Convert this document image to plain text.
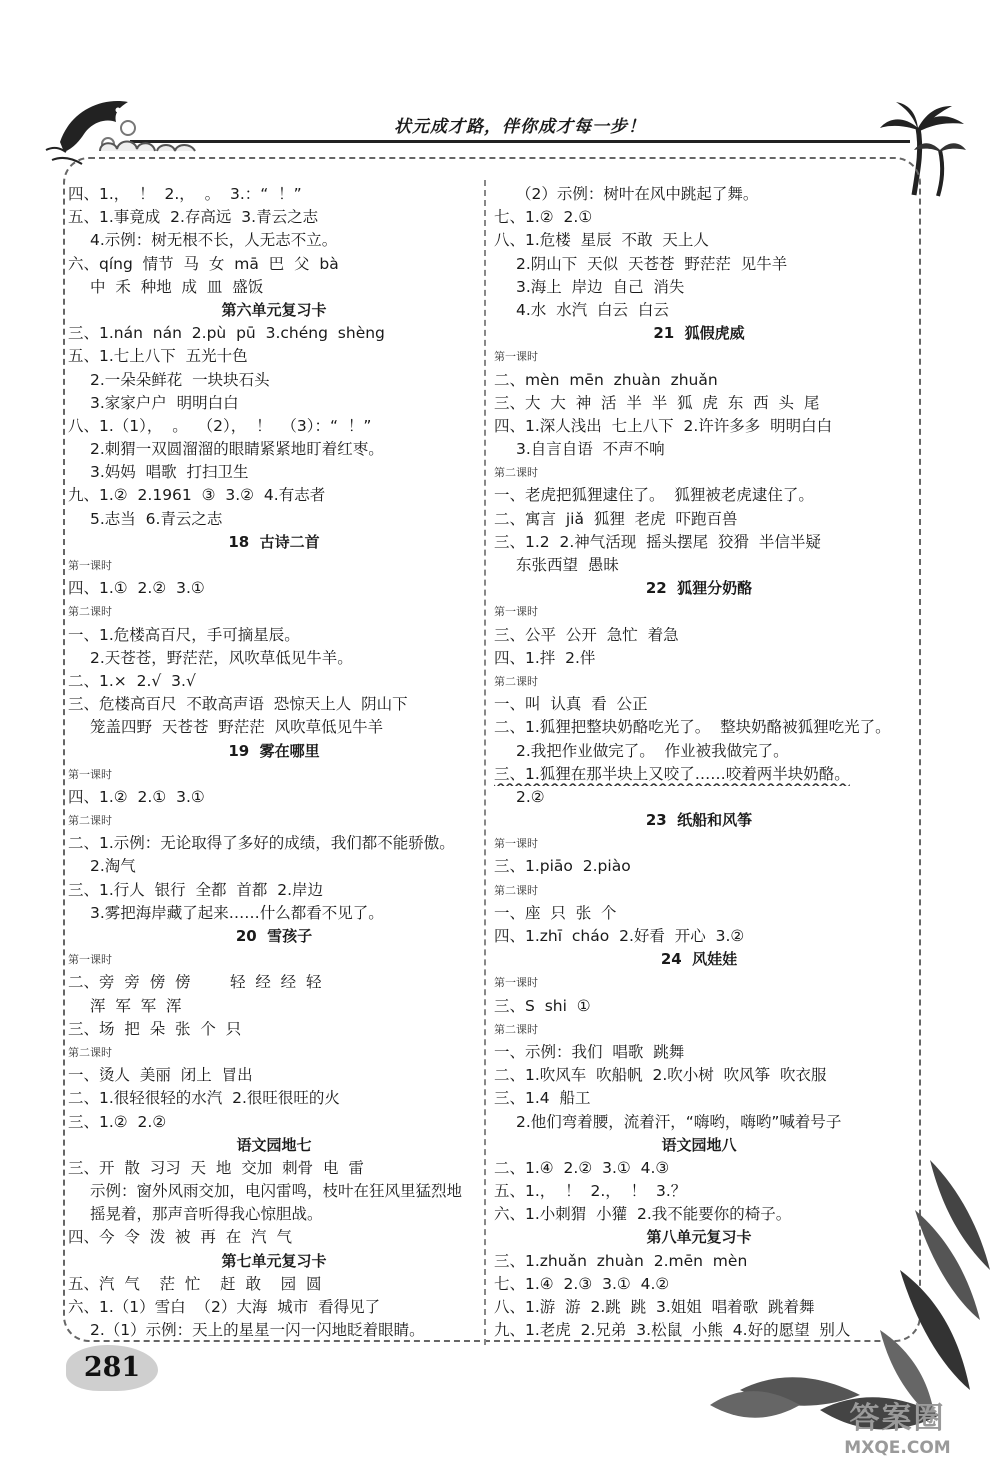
状元成才路，伴你成才每一步！
四、1.，  ！  2.，  。  3.：“  ！”
五、1.事竟成  2.存高远  3.青云之志
4.示例：树无根不长，人无志不立。
六、qíng  情节  马  女  mā  巴  父  bà
中  禾  种地  成  皿  盛饭
第六单元复习卡
三、1.nán  nán  2.pù  pū  3.chéng  shèng
五、1.七上八下  五光十色
2.一朵朵鲜花  一块块石头
3.家家户户  明明白白
八、1.（1），  。  （2），  ！  （3）：“  ！”
2.刺猬一双圆溜溜的眼睛紧紧地盯着红枣。
3.妈妈  唱歌  打扫卫生
九、1.②  2.1961  ③  3.②  4.有志者
5.志当  6.青云之志
18  古诗二首
第一课时
四、1.①  2.②  3.①
第二课时
一、1.危楼高百尺，手可摘星辰。
2.天苍苍，野茫茫，风吹草低见牛羊。
二、1.×  2.√  3.√
三、危楼高百尺  不敢高声语  恐惊天上人  阴山下
笼盖四野  天苍苍  野茫茫  风吹草低见牛羊
19  雾在哪里
第一课时
四、1.②  2.①  3.①
第二课时
二、1.示例：无论取得了多好的成绩，我们都不能骄傲。
2.淘气
三、1.行人  银行  全都  首都  2.岸边
3.雾把海岸藏了起来……什么都看不见了。
20  雪孩子
第一课时
二、旁  旁  傍  傍        轻  经  经  轻
浑  军  军  浑
三、场  把  朵  张  个  只
第二课时
一、烫人  美丽  闭上  冒出
二、1.很轻很轻的水汽  2.很旺很旺的火
三、1.②  2.②
语文园地七
三、开  散  习习  天  地  交加  刺骨  电  雷
示例：窗外风雨交加，电闪雷鸣，枝叶在狂风里猛烈地
摇晃着，那声音听得我心惊胆战。
四、今  令  泼  被  再  在  汽  气
第七单元复习卡
五、汽  气    茫  忙    赶  敢    园  圆
六、1.（1）雪白  （2）大海  城市  看得见了
2.（1）示例：天上的星星一闪一闪地眨着眼睛。
（2）示例：树叶在风中跳起了舞。
七、1.②  2.①
八、1.危楼  星辰  不敢  天上人
2.阴山下  天似  天苍苍  野茫茫  见牛羊
3.海上  岸边  自己  消失
4.水  水汽  白云  白云
21  狐假虎威
第一课时
二、mèn  mēn  zhuàn  zhuǎn
三、大  大  神  活  半  半  狐  虎  东  西  头  尾
四、1.深人浅出  七上八下  2.许许多多  明明白白
3.自言自语  不声不响
第二课时
一、老虎把狐狸逮住了。  狐狸被老虎逮住了。
二、寓言  jiǎ  狐狸  老虎  吓跑百兽
三、1.2  2.神气活现  摇头摆尾  狡猾  半信半疑
东张西望  愚昧
22  狐狸分奶酪
第一课时
三、公平  公开  急忙  着急
四、1.拌  2.伴
第二课时
一、叫  认真  看  公正
二、1.狐狸把整块奶酪吃光了。  整块奶酪被狐狸吃光了。
2.我把作业做完了。  作业被我做完了。
三、1.狐狸在那半块上又咬了……咬着两半块奶酪。
2.②
23  纸船和风筝
第一课时
三、1.piāo  2.piào
第二课时
一、座  只  张  个
四、1.zhī  cháo  2.好看  开心  3.②
24  风娃娃
第一课时
三、S  shi  ①
第二课时
一、示例：我们  唱歌  跳舞
二、1.吹风车  吹船帆  2.吹小树  吹风筝  吹衣服
三、1.4  船工
2.他们弯着腰，流着汗，“嗨哟，嗨哟”喊着号子
语文园地八
二、1.④  2.②  3.①  4.③
五、1.，  ！  2.，  ！  3.？
六、1.小刺猬  小獾  2.我不能要你的椅子。
第八单元复习卡
三、1.zhuǎn  zhuàn  2.mēn  mèn
七、1.④  2.③  3.①  4.②
八、1.游  游  2.跳  跳  3.姐姐  唱着歌  跳着舞
九、1.老虎  2.兄弟  3.松鼠  小熊  4.好的愿望  别人
281
答案圈
MXQE.COM
